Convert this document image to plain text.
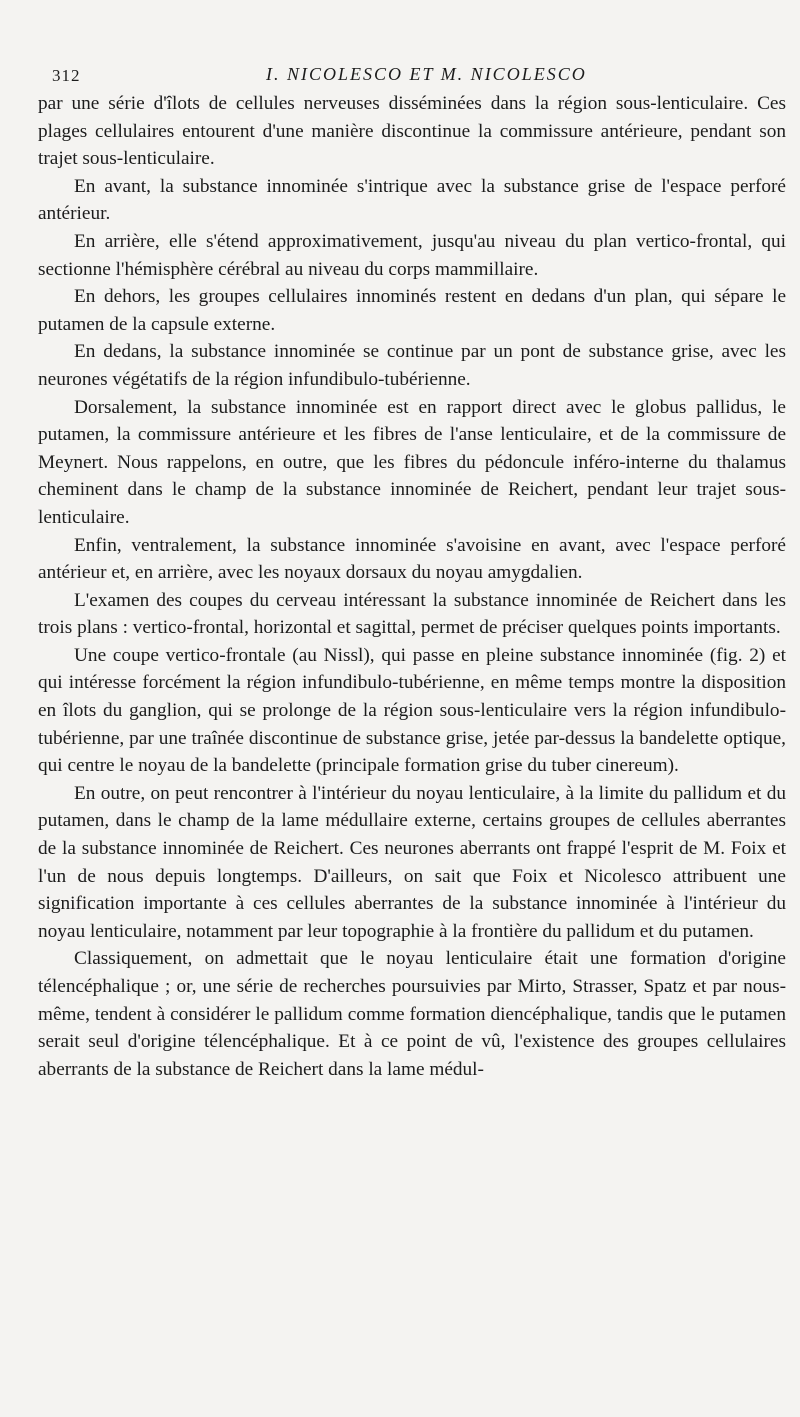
312	I. NICOLESCO ET M. NICOLESCO

par une série d'îlots de cellules nerveuses disséminées dans la région sous-lenticulaire. Ces plages cellulaires entourent d'une manière discontinue la commissure antérieure, pendant son trajet sous-lenticulaire.

En avant, la substance innominée s'intrique avec la substance grise de l'espace perforé antérieur.

En arrière, elle s'étend approximativement, jusqu'au niveau du plan vertico-frontal, qui sectionne l'hémisphère cérébral au niveau du corps mammillaire.

En dehors, les groupes cellulaires innominés restent en dedans d'un plan, qui sépare le putamen de la capsule externe.

En dedans, la substance innominée se continue par un pont de substance grise, avec les neurones végétatifs de la région infundibulo-tubérienne.

Dorsalement, la substance innominée est en rapport direct avec le globus pallidus, le putamen, la commissure antérieure et les fibres de l'anse lenticulaire, et de la commissure de Meynert. Nous rappelons, en outre, que les fibres du pédoncule inféro-interne du thalamus cheminent dans le champ de la substance innominée de Reichert, pendant leur trajet sous-lenticulaire.

Enfin, ventralement, la substance innominée s'avoisine en avant, avec l'espace perforé antérieur et, en arrière, avec les noyaux dorsaux du noyau amygdalien.

L'examen des coupes du cerveau intéressant la substance innominée de Reichert dans les trois plans : vertico-frontal, horizontal et sagittal, permet de préciser quelques points importants.

Une coupe vertico-frontale (au Nissl), qui passe en pleine substance innominée (fig. 2) et qui intéresse forcément la région infundibulo-tubérienne, en même temps montre la disposition en îlots du ganglion, qui se prolonge de la région sous-lenticulaire vers la région infundibulo-tubérienne, par une traînée discontinue de substance grise, jetée par-dessus la bandelette optique, qui centre le noyau de la bandelette (principale formation grise du tuber cinereum).

En outre, on peut rencontrer à l'intérieur du noyau lenticulaire, à la limite du pallidum et du putamen, dans le champ de la lame médullaire externe, certains groupes de cellules aberrantes de la substance innominée de Reichert. Ces neurones aberrants ont frappé l'esprit de M. Foix et l'un de nous depuis longtemps. D'ailleurs, on sait que Foix et Nicolesco attribuent une signification importante à ces cellules aberrantes de la substance innominée à l'intérieur du noyau lenticulaire, notamment par leur topographie à la frontière du pallidum et du putamen.

Classiquement, on admettait que le noyau lenticulaire était une formation d'origine télencéphalique ; or, une série de recherches poursuivies par Mirto, Strasser, Spatz et par nous-même, tendent à considérer le pallidum comme formation diencéphalique, tandis que le putamen serait seul d'origine télencéphalique. Et à ce point de vû, l'existence des groupes cellulaires aberrants de la substance de Reichert dans la lame médul-
